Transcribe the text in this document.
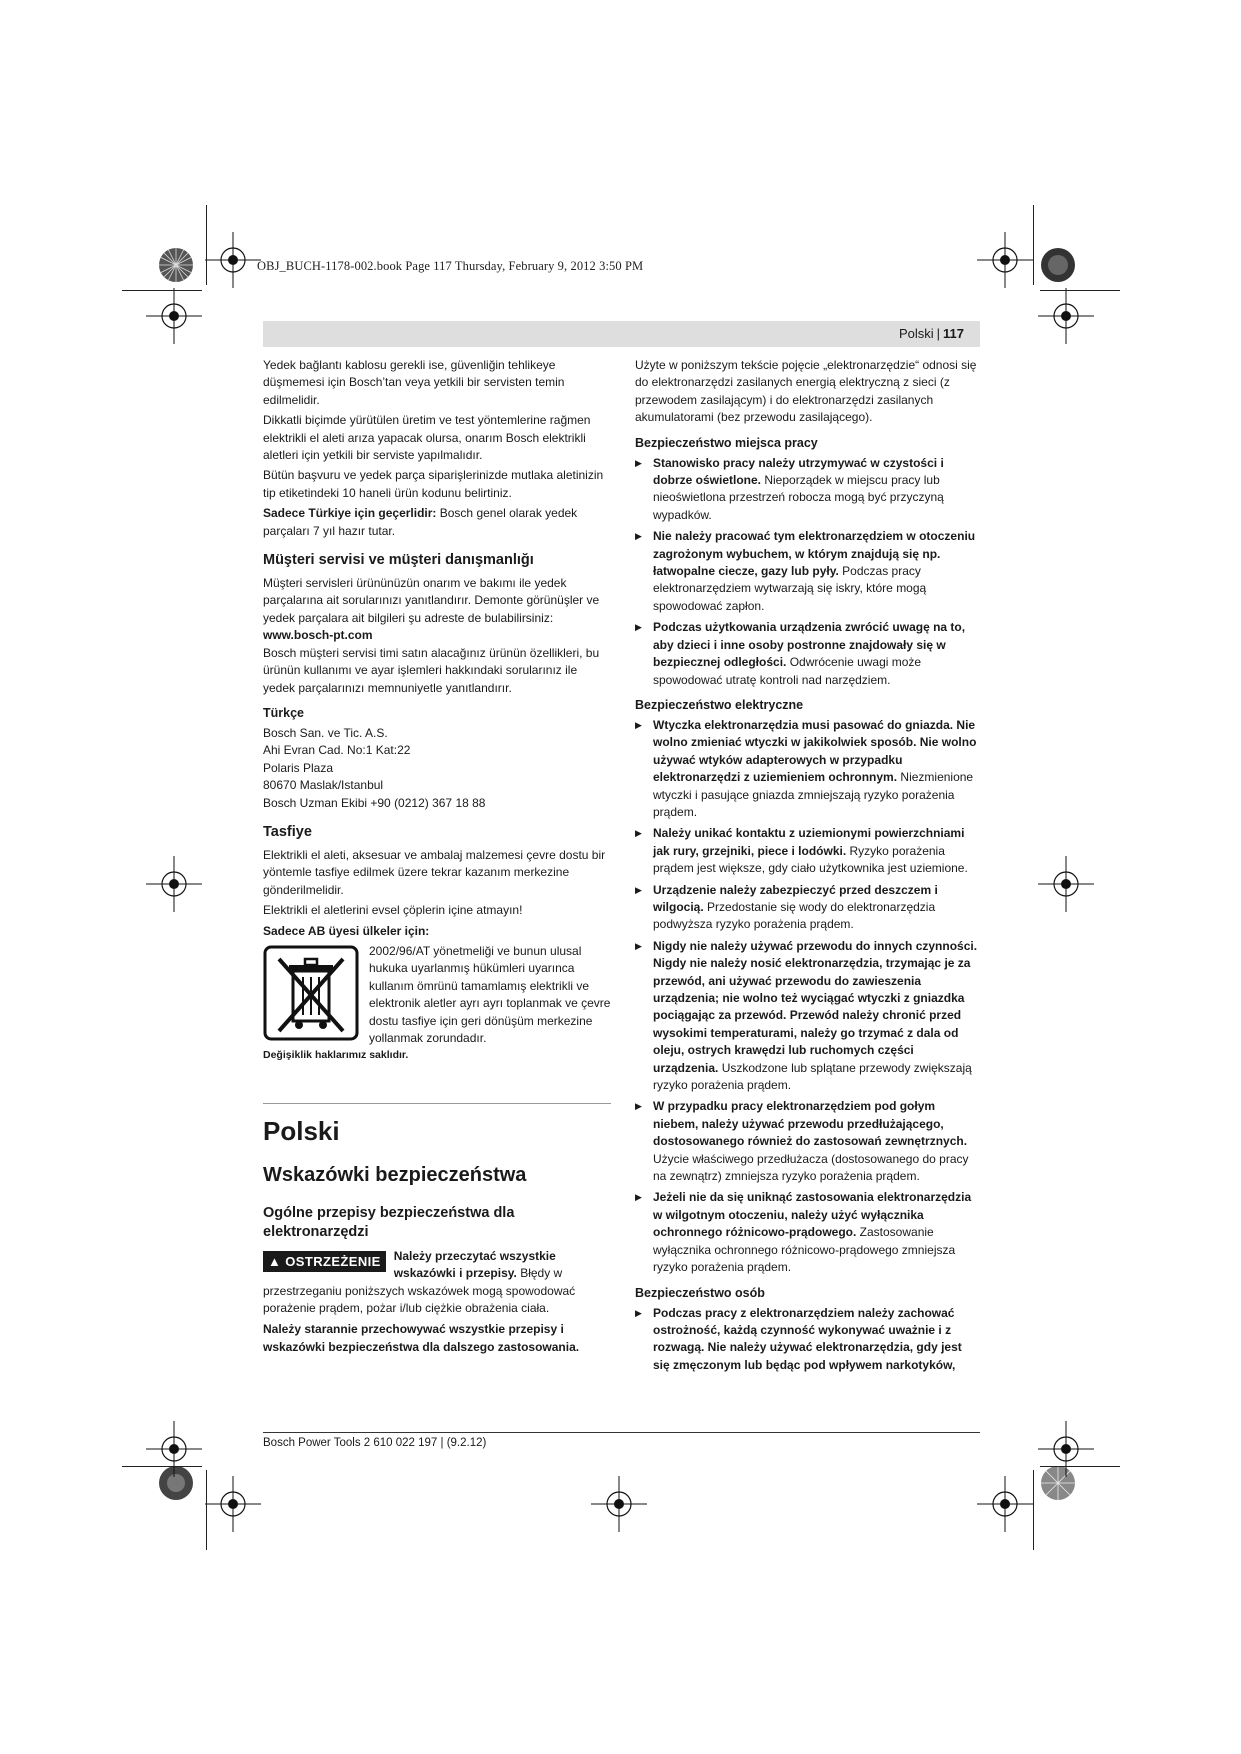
OBJ_BUCH-1178-002.book Page 117 Thursday, February 9, 2012 3:50 PM
Polski | 117

Yedek bağlantı kablosu gerekli ise, güvenliğin tehlikeye düşmemesi için Bosch’tan veya yetkili bir servisten temin edilmelidir.

Dikkatli biçimde yürütülen üretim ve test yöntemlerine rağmen elektrikli el aleti arıza yapacak olursa, onarım Bosch elektrikli aletleri için yetkili bir serviste yapılmalıdır.

Bütün başvuru ve yedek parça siparişlerinizde mutlaka aletinizin tip etiketindeki 10 haneli ürün kodunu belirtiniz.

Sadece Türkiye için geçerlidir: Bosch genel olarak yedek parçaları 7 yıl hazır tutar.

Müşteri servisi ve müşteri danışmanlığı

Müşteri servisleri ürününüzün onarım ve bakımı ile yedek parçalarına ait sorularınızı yanıtlandırır. Demonte görünüşler ve yedek parçalara ait bilgileri şu adreste de bulabilirsiniz:

www.bosch-pt.com

Bosch müşteri servisi timi satın alacağınız ürünün özellikleri, bu ürünün kullanımı ve ayar işlemleri hakkındaki sorularınız ile yedek parçalarınızı memnuniyetle yanıtlandırır.

Türkçe
Bosch San. ve Tic. A.S.
Ahi Evran Cad. No:1 Kat:22
Polaris Plaza
80670 Maslak/Istanbul
Bosch Uzman Ekibi +90 (0212) 367 18 88
Tasfiye

Elektrikli el aleti, aksesuar ve ambalaj malzemesi çevre dostu bir yöntemle tasfiye edilmek üzere tekrar kazanım merkezine gönderilmelidir.

Elektrikli el aletlerini evsel çöplerin içine atmayın!

Sadece AB üyesi ülkeler için:

2002/96/AT yönetmeliği ve bunun ulusal hukuka uyarlanmış hükümleri uyarınca kullanım ömrünü tamamlamış elektrikli ve elektronik aletler ayrı ayrı toplanmak ve çevre dostu tasfiye için geri dönüşüm merkezine yollanmak zorundadır.

Değişiklik haklarımız saklıdır.

Polski
Wskazówki bezpieczeństwa
Ogólne przepisy bezpieczeństwa dla elektronarzędzi
▲ OSTRZEŻENIE	Należy przeczytać wszystkie wskazówki i przepisy. Błędy w przestrzeganiu poniższych wskazówek mogą spowodować porażenie prądem, pożar i/lub ciężkie obrażenia ciała.

Należy starannie przechowywać wszystkie przepisy i wskazówki bezpieczeństwa dla dalszego zastosowania.

Użyte w poniższym tekście pojęcie „elektronarzędzie“ odnosi się do elektronarzędzi zasilanych energią elektryczną z sieci (z przewodem zasilającym) i do elektronarzędzi zasilanych akumulatorami (bez przewodu zasilającego).

Bezpieczeństwo miejsca pracy
▶ Stanowisko pracy należy utrzymywać w czystości i dobrze oświetlone. Nieporządek w miejscu pracy lub nieoświetlona przestrzeń robocza mogą być przyczyną wypadków.
▶ Nie należy pracować tym elektronarzędziem w otoczeniu zagrożonym wybuchem, w którym znajdują się np. łatwopalne ciecze, gazy lub pyły. Podczas pracy elektronarzędziem wytwarzają się iskry, które mogą spowodować zapłon.
▶ Podczas użytkowania urządzenia zwrócić uwagę na to, aby dzieci i inne osoby postronne znajdowały się w bezpiecznej odległości. Odwrócenie uwagi może spowodować utratę kontroli nad narzędziem.
Bezpieczeństwo elektryczne
▶ Wtyczka elektronarzędzia musi pasować do gniazda. Nie wolno zmieniać wtyczki w jakikolwiek sposób. Nie wolno używać wtyków adapterowych w przypadku elektronarzędzi z uziemieniem ochronnym. Niezmienione wtyczki i pasujące gniazda zmniejszają ryzyko porażenia prądem.
▶ Należy unikać kontaktu z uziemionymi powierzchniami jak rury, grzejniki, piece i lodówki. Ryzyko porażenia prądem jest większe, gdy ciało użytkownika jest uziemione.
▶ Urządzenie należy zabezpieczyć przed deszczem i wilgocią. Przedostanie się wody do elektronarzędzia podwyższa ryzyko porażenia prądem.
▶ Nigdy nie należy używać przewodu do innych czynności. Nigdy nie należy nosić elektronarzędzia, trzymając je za przewód, ani używać przewodu do zawieszenia urządzenia; nie wolno też wyciągać wtyczki z gniazdka pociągając za przewód. Przewód należy chronić przed wysokimi temperaturami, należy go trzymać z dala od oleju, ostrych krawędzi lub ruchomych części urządzenia. Uszkodzone lub splątane przewody zwiększają ryzyko porażenia prądem.
▶ W przypadku pracy elektronarzędziem pod gołym niebem, należy używać przewodu przedłużającego, dostosowanego również do zastosowań zewnętrznych. Użycie właściwego przedłużacza (dostosowanego do pracy na zewnątrz) zmniejsza ryzyko porażenia prądem.
▶ Jeżeli nie da się uniknąć zastosowania elektronarzędzia w wilgotnym otoczeniu, należy użyć wyłącznika ochronnego różnicowo-prądowego. Zastosowanie wyłącznika ochronnego różnicowo-prądowego zmniejsza ryzyko porażenia prądem.
Bezpieczeństwo osób
▶ Podczas pracy z elektronarzędziem należy zachować ostrożność, każdą czynność wykonywać uważnie i z rozwagą. Nie należy używać elektronarzędzia, gdy jest się zmęczonym lub będąc pod wpływem narkotyków,
Bosch Power Tools 2 610 022 197 | (9.2.12)
